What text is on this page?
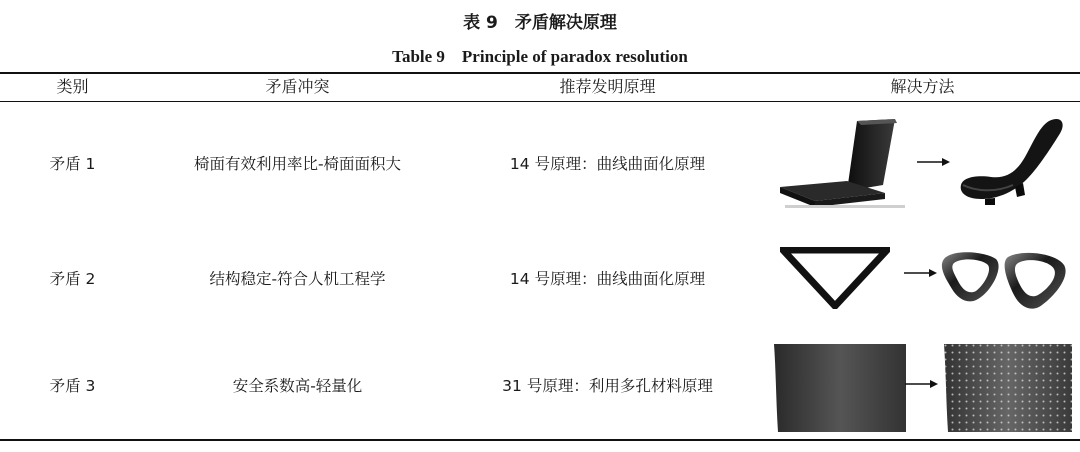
表 9　矛盾解决原理
Table 9　Principle of paradox resolution
类别	矛盾冲突	推荐发明原理	解决方法
矛盾 1	椅面有效利用率比-椅面面积大	14 号原理：曲线曲面化原理
矛盾 2	结构稳定-符合人机工程学	14 号原理：曲线曲面化原理
矛盾 3	安全系数高-轻量化	31 号原理：利用多孔材料原理
